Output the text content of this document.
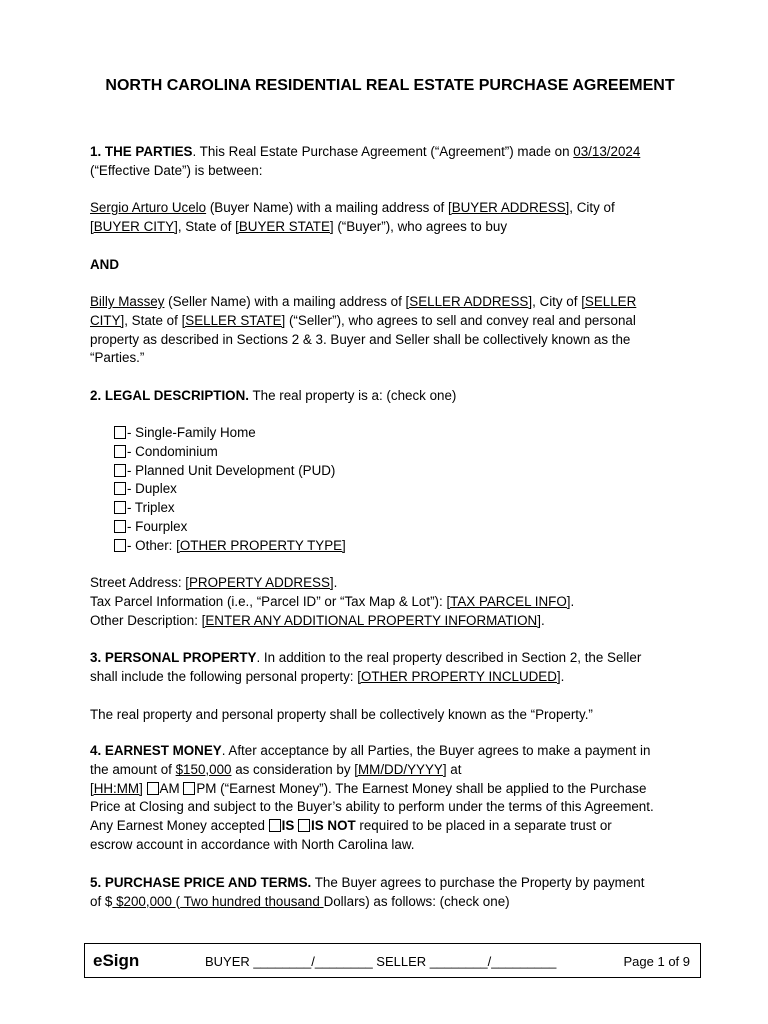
NORTH CAROLINA RESIDENTIAL REAL ESTATE PURCHASE AGREEMENT
1. THE PARTIES. This Real Estate Purchase Agreement (“Agreement”) made on 03/13/2024
(“Effective Date”) is between:
Sergio Arturo Ucelo (Buyer Name) with a mailing address of [BUYER ADDRESS], City of
[BUYER CITY], State of [BUYER STATE] (“Buyer”), who agrees to buy
AND
Billy Massey (Seller Name) with a mailing address of [SELLER ADDRESS], City of [SELLER
CITY], State of [SELLER STATE] (“Seller”), who agrees to sell and convey real and personal
property as described in Sections 2 & 3. Buyer and Seller shall be collectively known as the
“Parties.”
2. LEGAL DESCRIPTION. The real property is a: (check one)
- Single-Family Home
- Condominium
- Planned Unit Development (PUD)
- Duplex
- Triplex
- Fourplex
- Other: [OTHER PROPERTY TYPE]
Street Address: [PROPERTY ADDRESS].
Tax Parcel Information (i.e., “Parcel ID” or “Tax Map & Lot”): [TAX PARCEL INFO].
Other Description: [ENTER ANY ADDITIONAL PROPERTY INFORMATION].
3. PERSONAL PROPERTY. In addition to the real property described in Section 2, the Seller
shall include the following personal property: [OTHER PROPERTY INCLUDED].
The real property and personal property shall be collectively known as the “Property.”
4. EARNEST MONEY. After acceptance by all Parties, the Buyer agrees to make a payment in
the amount of $150,000 as consideration by [MM/DD/YYYY] at
[HH:MM] AM PM (“Earnest Money”). The Earnest Money shall be applied to the Purchase
Price at Closing and subject to the Buyer’s ability to perform under the terms of this Agreement.
Any Earnest Money accepted IS IS NOT required to be placed in a separate trust or
escrow account in accordance with North Carolina law.
5. PURCHASE PRICE AND TERMS. The Buyer agrees to purchase the Property by payment
of $ $200,000 ( Two hundred thousand Dollars) as follows: (check one)
eSign	BUYER ________/________ SELLER ________/_________	Page 1 of 9
